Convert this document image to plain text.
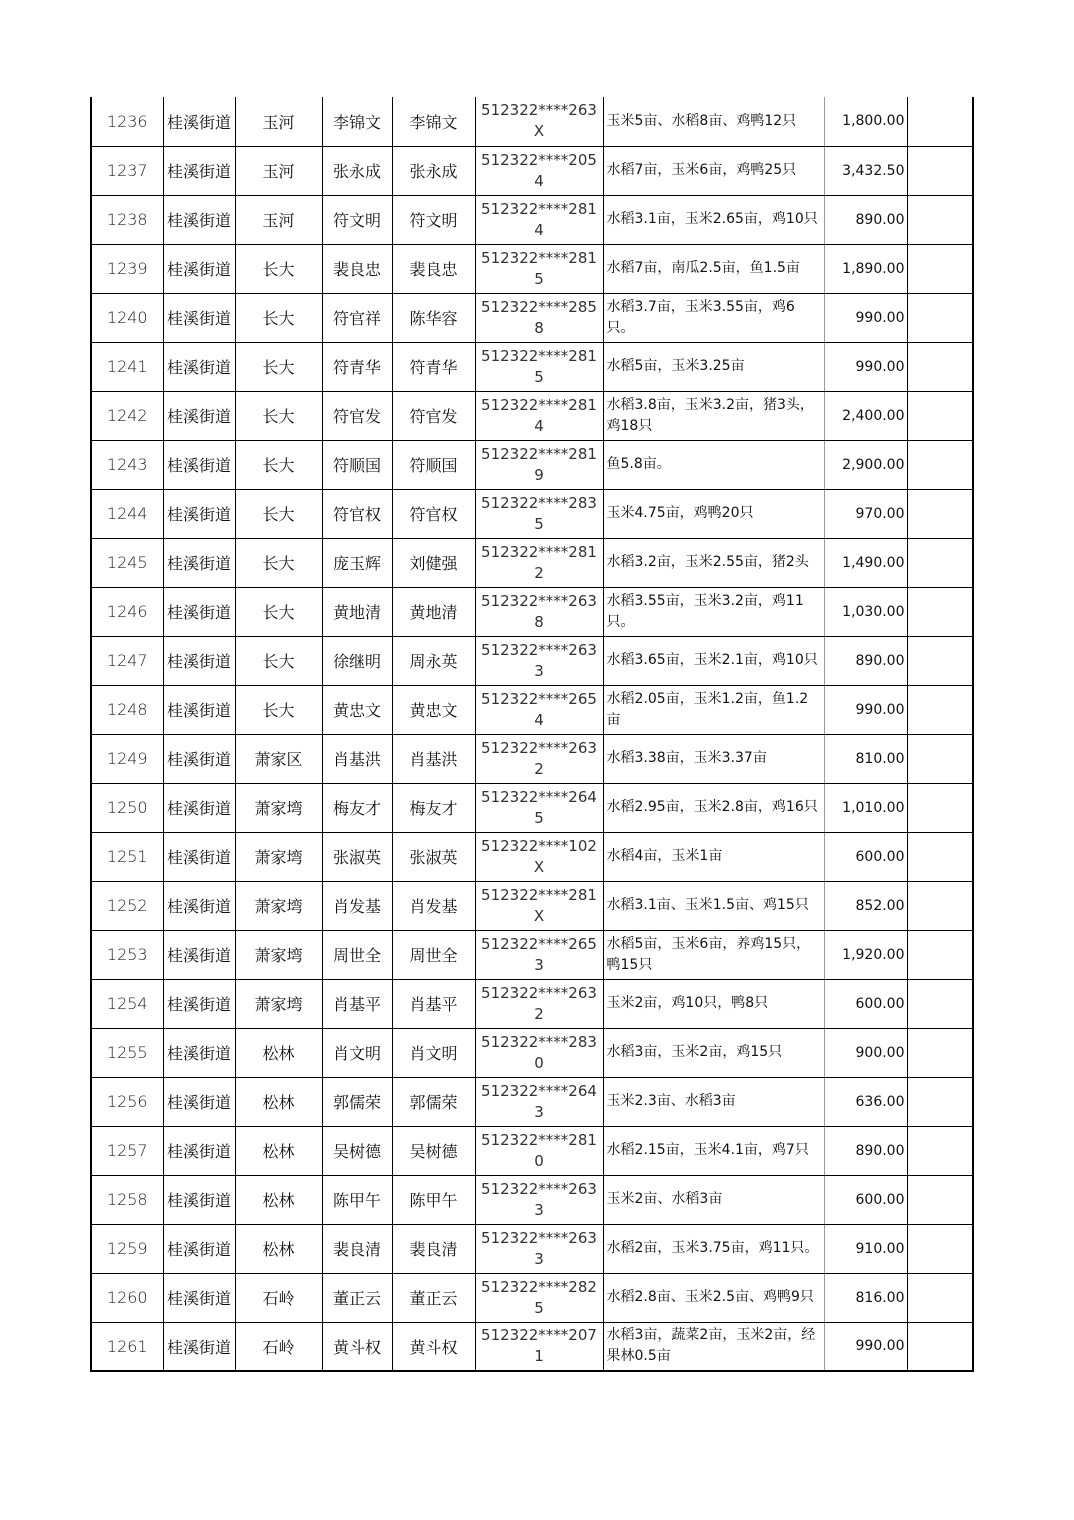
1236	桂溪街道	玉河	李锦文	李锦文	512322****263X	玉米5亩、水稻8亩、鸡鸭12只	1,800.00	
1237	桂溪街道	玉河	张永成	张永成	512322****2054	水稻7亩，玉米6亩，鸡鸭25只	3,432.50	
1238	桂溪街道	玉河	符文明	符文明	512322****2814	水稻3.1亩，玉米2.65亩，鸡10只	890.00	
1239	桂溪街道	长大	裴良忠	裴良忠	512322****2815	水稻7亩，南瓜2.5亩，鱼1.5亩	1,890.00	
1240	桂溪街道	长大	符官祥	陈华容	512322****2858	水稻3.7亩，玉米3.55亩，鸡6只。	990.00	
1241	桂溪街道	长大	符青华	符青华	512322****2815	水稻5亩，玉米3.25亩	990.00	
1242	桂溪街道	长大	符官发	符官发	512322****2814	水稻3.8亩，玉米3.2亩，猪3头，鸡18只	2,400.00	
1243	桂溪街道	长大	符顺国	符顺国	512322****2819	鱼5.8亩。	2,900.00	
1244	桂溪街道	长大	符官权	符官权	512322****2835	玉米4.75亩，鸡鸭20只	970.00	
1245	桂溪街道	长大	庞玉辉	刘健强	512322****2812	水稻3.2亩，玉米2.55亩，猪2头	1,490.00	
1246	桂溪街道	长大	黄地清	黄地清	512322****2638	水稻3.55亩，玉米3.2亩，鸡11只。	1,030.00	
1247	桂溪街道	长大	徐继明	周永英	512322****2633	水稻3.65亩，玉米2.1亩，鸡10只	890.00	
1248	桂溪街道	长大	黄忠文	黄忠文	512322****2654	水稻2.05亩，玉米1.2亩，鱼1.2亩	990.00	
1249	桂溪街道	萧家区	肖基洪	肖基洪	512322****2632	水稻3.38亩，玉米3.37亩	810.00	
1250	桂溪街道	萧家塆	梅友才	梅友才	512322****2645	水稻2.95亩，玉米2.8亩，鸡16只	1,010.00	
1251	桂溪街道	萧家塆	张淑英	张淑英	512322****102X	水稻4亩，玉米1亩	600.00	
1252	桂溪街道	萧家塆	肖发基	肖发基	512322****281X	水稻3.1亩、玉米1.5亩、鸡15只	852.00	
1253	桂溪街道	萧家塆	周世全	周世全	512322****2653	水稻5亩，玉米6亩，养鸡15只，鸭15只	1,920.00	
1254	桂溪街道	萧家塆	肖基平	肖基平	512322****2632	玉米2亩，鸡10只，鸭8只	600.00	
1255	桂溪街道	松林	肖文明	肖文明	512322****2830	水稻3亩，玉米2亩，鸡15只	900.00	
1256	桂溪街道	松林	郭儒荣	郭儒荣	512322****2643	玉米2.3亩、水稻3亩	636.00	
1257	桂溪街道	松林	吴树德	吴树德	512322****2810	水稻2.15亩，玉米4.1亩，鸡7只	890.00	
1258	桂溪街道	松林	陈甲午	陈甲午	512322****2633	玉米2亩、水稻3亩	600.00	
1259	桂溪街道	松林	裴良清	裴良清	512322****2633	水稻2亩，玉米3.75亩，鸡11只。	910.00	
1260	桂溪街道	石岭	董正云	董正云	512322****2825	水稻2.8亩、玉米2.5亩、鸡鸭9只	816.00	
1261	桂溪街道	石岭	黄斗权	黄斗权	512322****2071	水稻3亩，蔬菜2亩，玉米2亩，经果林0.5亩	990.00	
